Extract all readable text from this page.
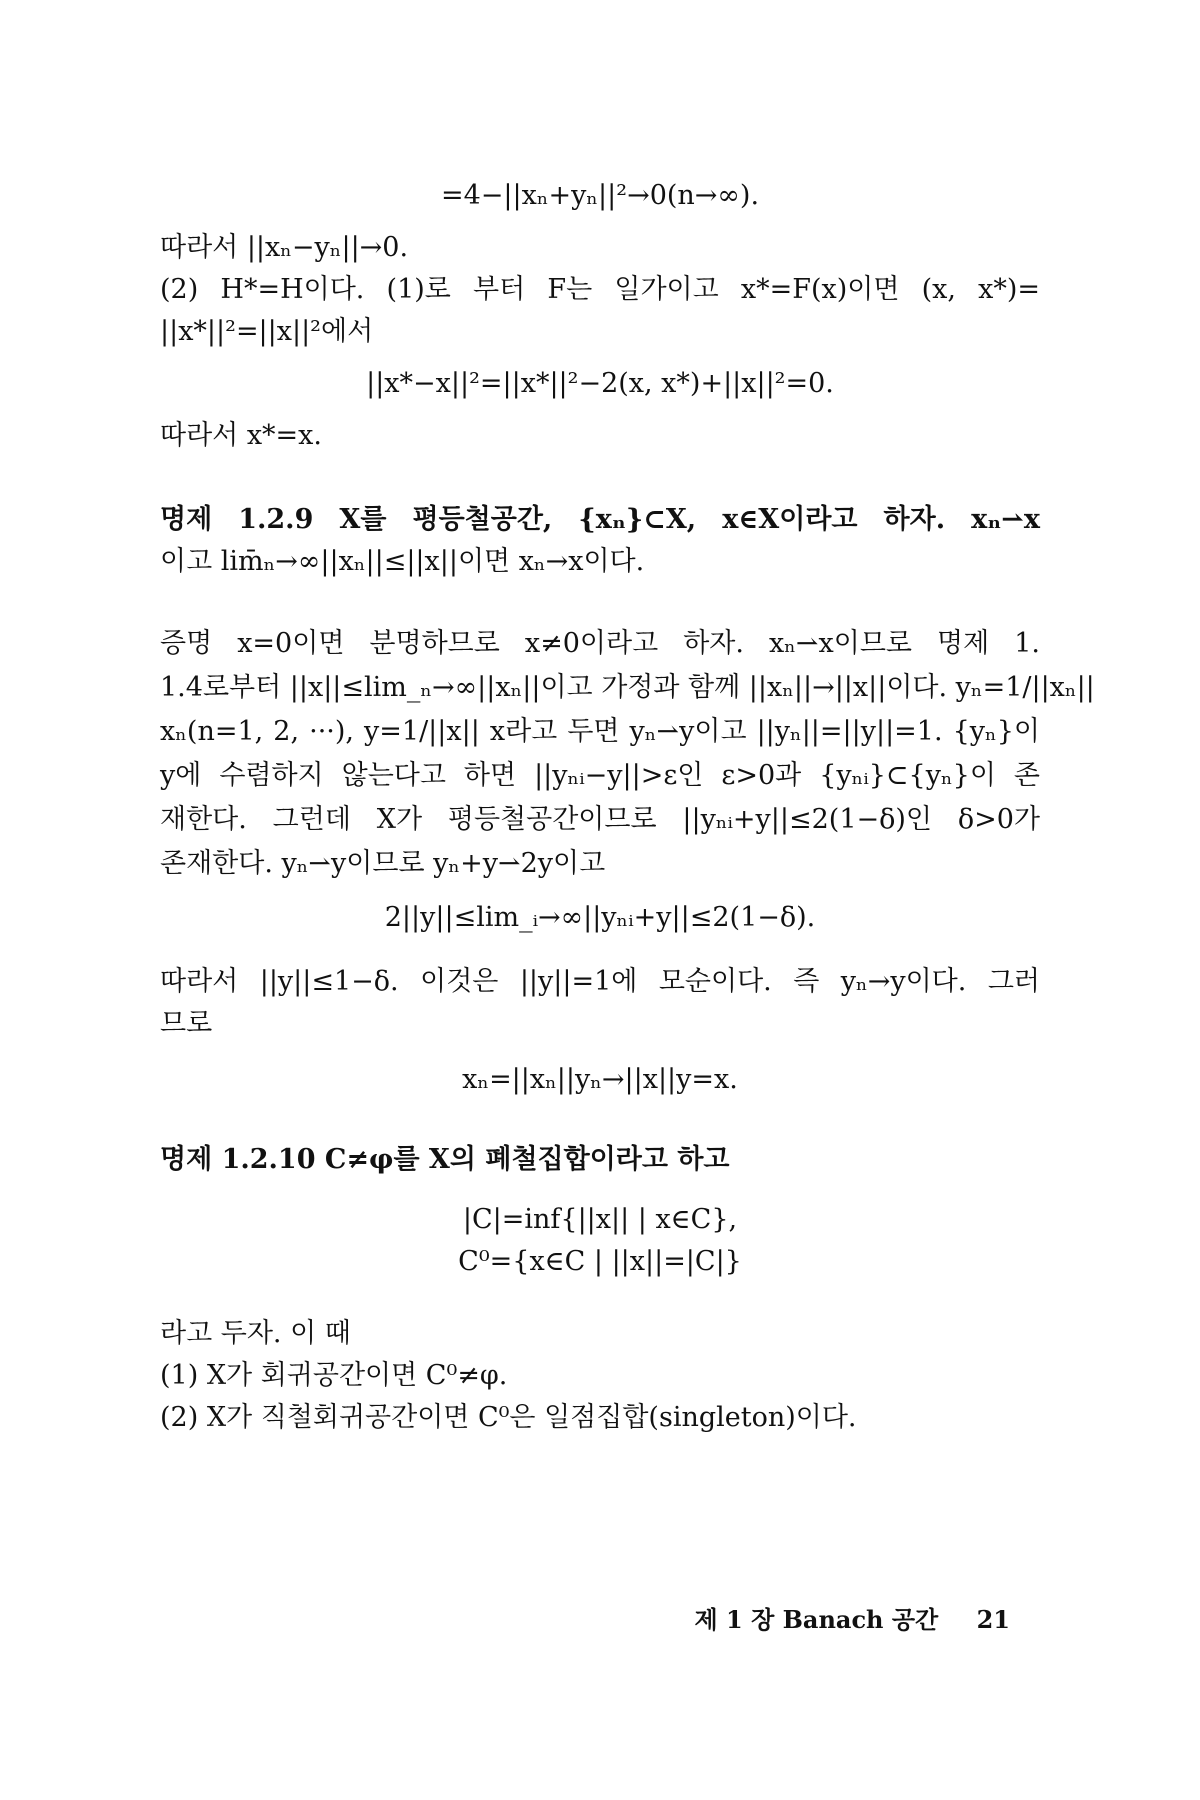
=4−||xₙ+yₙ||²→0(n→∞).
따라서 ||xₙ−yₙ||→0.
(2) H*=H이다. (1)로 부터 F는 일가이고 x*=F(x)이면 (x, x*)=
||x*||²=||x||²에서
||x*−x||²=||x*||²−2(x, x*)+||x||²=0.
따라서 x*=x.
명제 1.2.9 X를 평등철공간, {xₙ}⊂X, x∈X이라고 하자. xₙ⇀x
이고 lim̄ₙ→∞||xₙ||≤||x||이면 xₙ→x이다.
증명 x=0이면 분명하므로 x≠0이라고 하자. xₙ⇀x이므로 명제 1.
1.4로부터 ||x||≤lim_ₙ→∞||xₙ||이고 가정과 함께 ||xₙ||→||x||이다. yₙ=1/||xₙ||
xₙ(n=1, 2, ···), y=1/||x|| x라고 두면 yₙ⇀y이고 ||yₙ||=||y||=1. {yₙ}이
y에 수렴하지 않는다고 하면 ||yₙᵢ−y||>ε인 ε>0과 {yₙᵢ}⊂{yₙ}이 존
재한다. 그런데 X가 평등철공간이므로 ||yₙᵢ+y||≤2(1−δ)인 δ>0가
존재한다. yₙ⇀y이므로 yₙ+y⇀2y이고
2||y||≤lim_ᵢ→∞||yₙᵢ+y||≤2(1−δ).
따라서 ||y||≤1−δ. 이것은 ||y||=1에 모순이다. 즉 yₙ→y이다. 그러
므로
xₙ=||xₙ||yₙ→||x||y=x.
명제 1.2.10 C≠φ를 X의 폐철집합이라고 하고
|C|=inf{||x|| | x∈C},
C⁰={x∈C | ||x||=|C|}
라고 두자. 이 때
(1) X가 회귀공간이면 C⁰≠φ.
(2) X가 직철회귀공간이면 C⁰은 일점집합(singleton)이다.
제 1 장 Banach 공간 21
